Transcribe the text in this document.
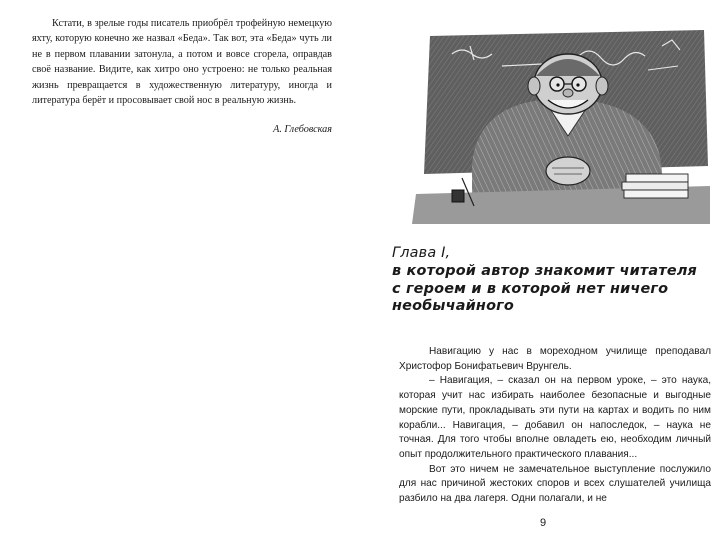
Кстати, в зрелые годы писатель приобрёл трофейную немецкую яхту, которую конечно же назвал «Беда». Так вот, эта «Беда» чуть ли не в первом плавании затонула, а потом и вовсе сгорела, оправдав своё название. Видите, как хитро оно устроено: не только реальная жизнь превращается в художественную литературу, иногда и литература берёт и просовывает свой нос в реальную жизнь.

А. Глебовская
Глава I,
в которой автор знакомит читателя
с героем и в которой нет ничего
необычайного

Навигацию у нас в мореходном училище преподавал Христофор Бонифатьевич Врунгель.

– Навигация, – сказал он на первом уроке, – это наука, которая учит нас избирать наиболее безопасные и выгодные морские пути, прокладывать эти пути на картах и водить по ним корабли... Навигация, – добавил он напоследок, – наука не точная. Для того чтобы вполне овладеть ею, необходим личный опыт продолжительного практического плавания...

Вот это ничем не замечательное выступление послужило для нас причиной жестоких споров и всех слушателей училища разбило на два лагеря. Одни полагали, и не

9
